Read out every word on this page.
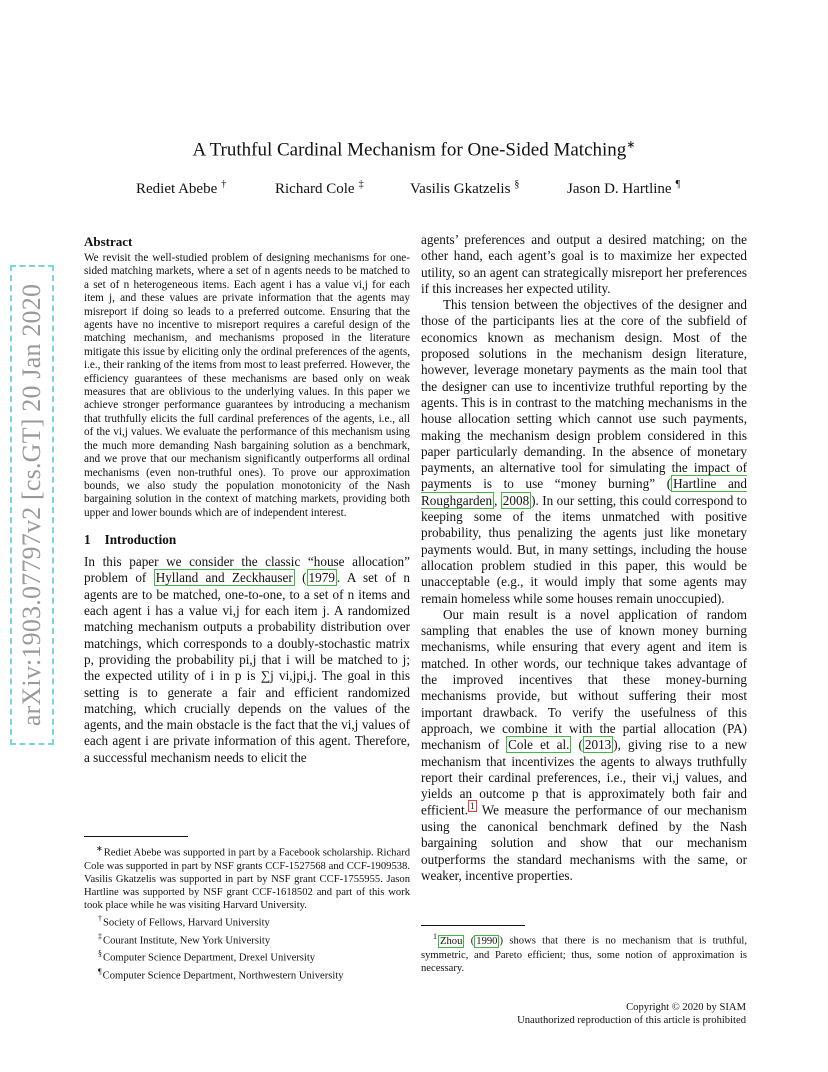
arXiv:1903.07797v2 [cs.GT] 20 Jan 2020
A Truthful Cardinal Mechanism for One-Sided Matching∗
Rediet Abebe †	Richard Cole ‡	Vasilis Gkatzelis §	Jason D. Hartline ¶

Abstract

We revisit the well-studied problem of designing mechanisms for one-sided matching markets, where a set of n agents needs to be matched to a set of n heterogeneous items. Each agent i has a value vi,j for each item j, and these values are private information that the agents may misreport if doing so leads to a preferred outcome. Ensuring that the agents have no incentive to misreport requires a careful design of the matching mechanism, and mechanisms proposed in the literature mitigate this issue by eliciting only the ordinal preferences of the agents, i.e., their ranking of the items from most to least preferred. However, the efficiency guarantees of these mechanisms are based only on weak measures that are oblivious to the underlying values. In this paper we achieve stronger performance guarantees by introducing a mechanism that truthfully elicits the full cardinal preferences of the agents, i.e., all of the vi,j values. We evaluate the performance of this mechanism using the much more demanding Nash bargaining solution as a benchmark, and we prove that our mechanism significantly outperforms all ordinal mechanisms (even non-truthful ones). To prove our approximation bounds, we also study the population monotonicity of the Nash bargaining solution in the context of matching markets, providing both upper and lower bounds which are of independent interest.

1 Introduction

In this paper we consider the classic “house allocation” problem of Hylland and Zeckhauser ( 1979 . A set of n agents are to be matched, one-to-one, to a set of n items and each agent i has a value vi,j for each item j. A randomized matching mechanism outputs a probability distribution over matchings, which corresponds to a doubly-stochastic matrix p, providing the probability pi,j that i will be matched to j; the expected utility of i in p is ∑j vi,jpi,j. The goal in this setting is to generate a fair and efficient randomized matching, which crucially depends on the values of the agents, and the main obstacle is the fact that the vi,j values of each agent i are private information of this agent. Therefore, a successful mechanism needs to elicit the

agents’ preferences and output a desired matching; on the other hand, each agent’s goal is to maximize her expected utility, so an agent can strategically misreport her preferences if this increases her expected utility.

This tension between the objectives of the designer and those of the participants lies at the core of the subfield of economics known as mechanism design. Most of the proposed solutions in the mechanism design literature, however, leverage monetary payments as the main tool that the designer can use to incentivize truthful reporting by the agents. This is in contrast to the matching mechanisms in the house allocation setting which cannot use such payments, making the mechanism design problem considered in this paper particularly demanding. In the absence of monetary payments, an alternative tool for simulating the impact of payments is to use “money burning” ( Hartline and Roughgarden , 2008 ). In our setting, this could correspond to keeping some of the items unmatched with positive probability, thus penalizing the agents just like monetary payments would. But, in many settings, including the house allocation problem studied in this paper, this would be unacceptable (e.g., it would imply that some agents may remain homeless while some houses remain unoccupied).

Our main result is a novel application of random sampling that enables the use of known money burning mechanisms, while ensuring that every agent and item is matched. In other words, our technique takes advantage of the improved incentives that these money-burning mechanisms provide, but without suffering their most important drawback. To verify the usefulness of this approach, we combine it with the partial allocation (PA) mechanism of Cole et al. ( 2013 ), giving rise to a new mechanism that incentivizes the agents to always truthfully report their cardinal preferences, i.e., their vi,j values, and yields an outcome p that is approximately both fair and efficient. $^1$ We measure the performance of our mechanism using the canonical benchmark defined by the Nash bargaining solution and show that our mechanism outperforms the standard mechanisms with the same, or weaker, incentive properties.

∗Rediet Abebe was supported in part by a Facebook scholarship. Richard Cole was supported in part by NSF grants CCF-1527568 and CCF-1909538. Vasilis Gkatzelis was supported in part by NSF grant CCF-1755955. Jason Hartline was supported by NSF grant CCF-1618502 and part of this work took place while he was visiting Harvard University.

†Society of Fellows, Harvard University

‡Courant Institute, New York University

§Computer Science Department, Drexel University

¶Computer Science Department, Northwestern University

$^1$ Zhou ( 1990 ) shows that there is no mechanism that is truthful, symmetric, and Pareto efficient; thus, some notion of approximation is necessary.

Copyright © 2020 by SIAM
Unauthorized reproduction of this article is prohibited
